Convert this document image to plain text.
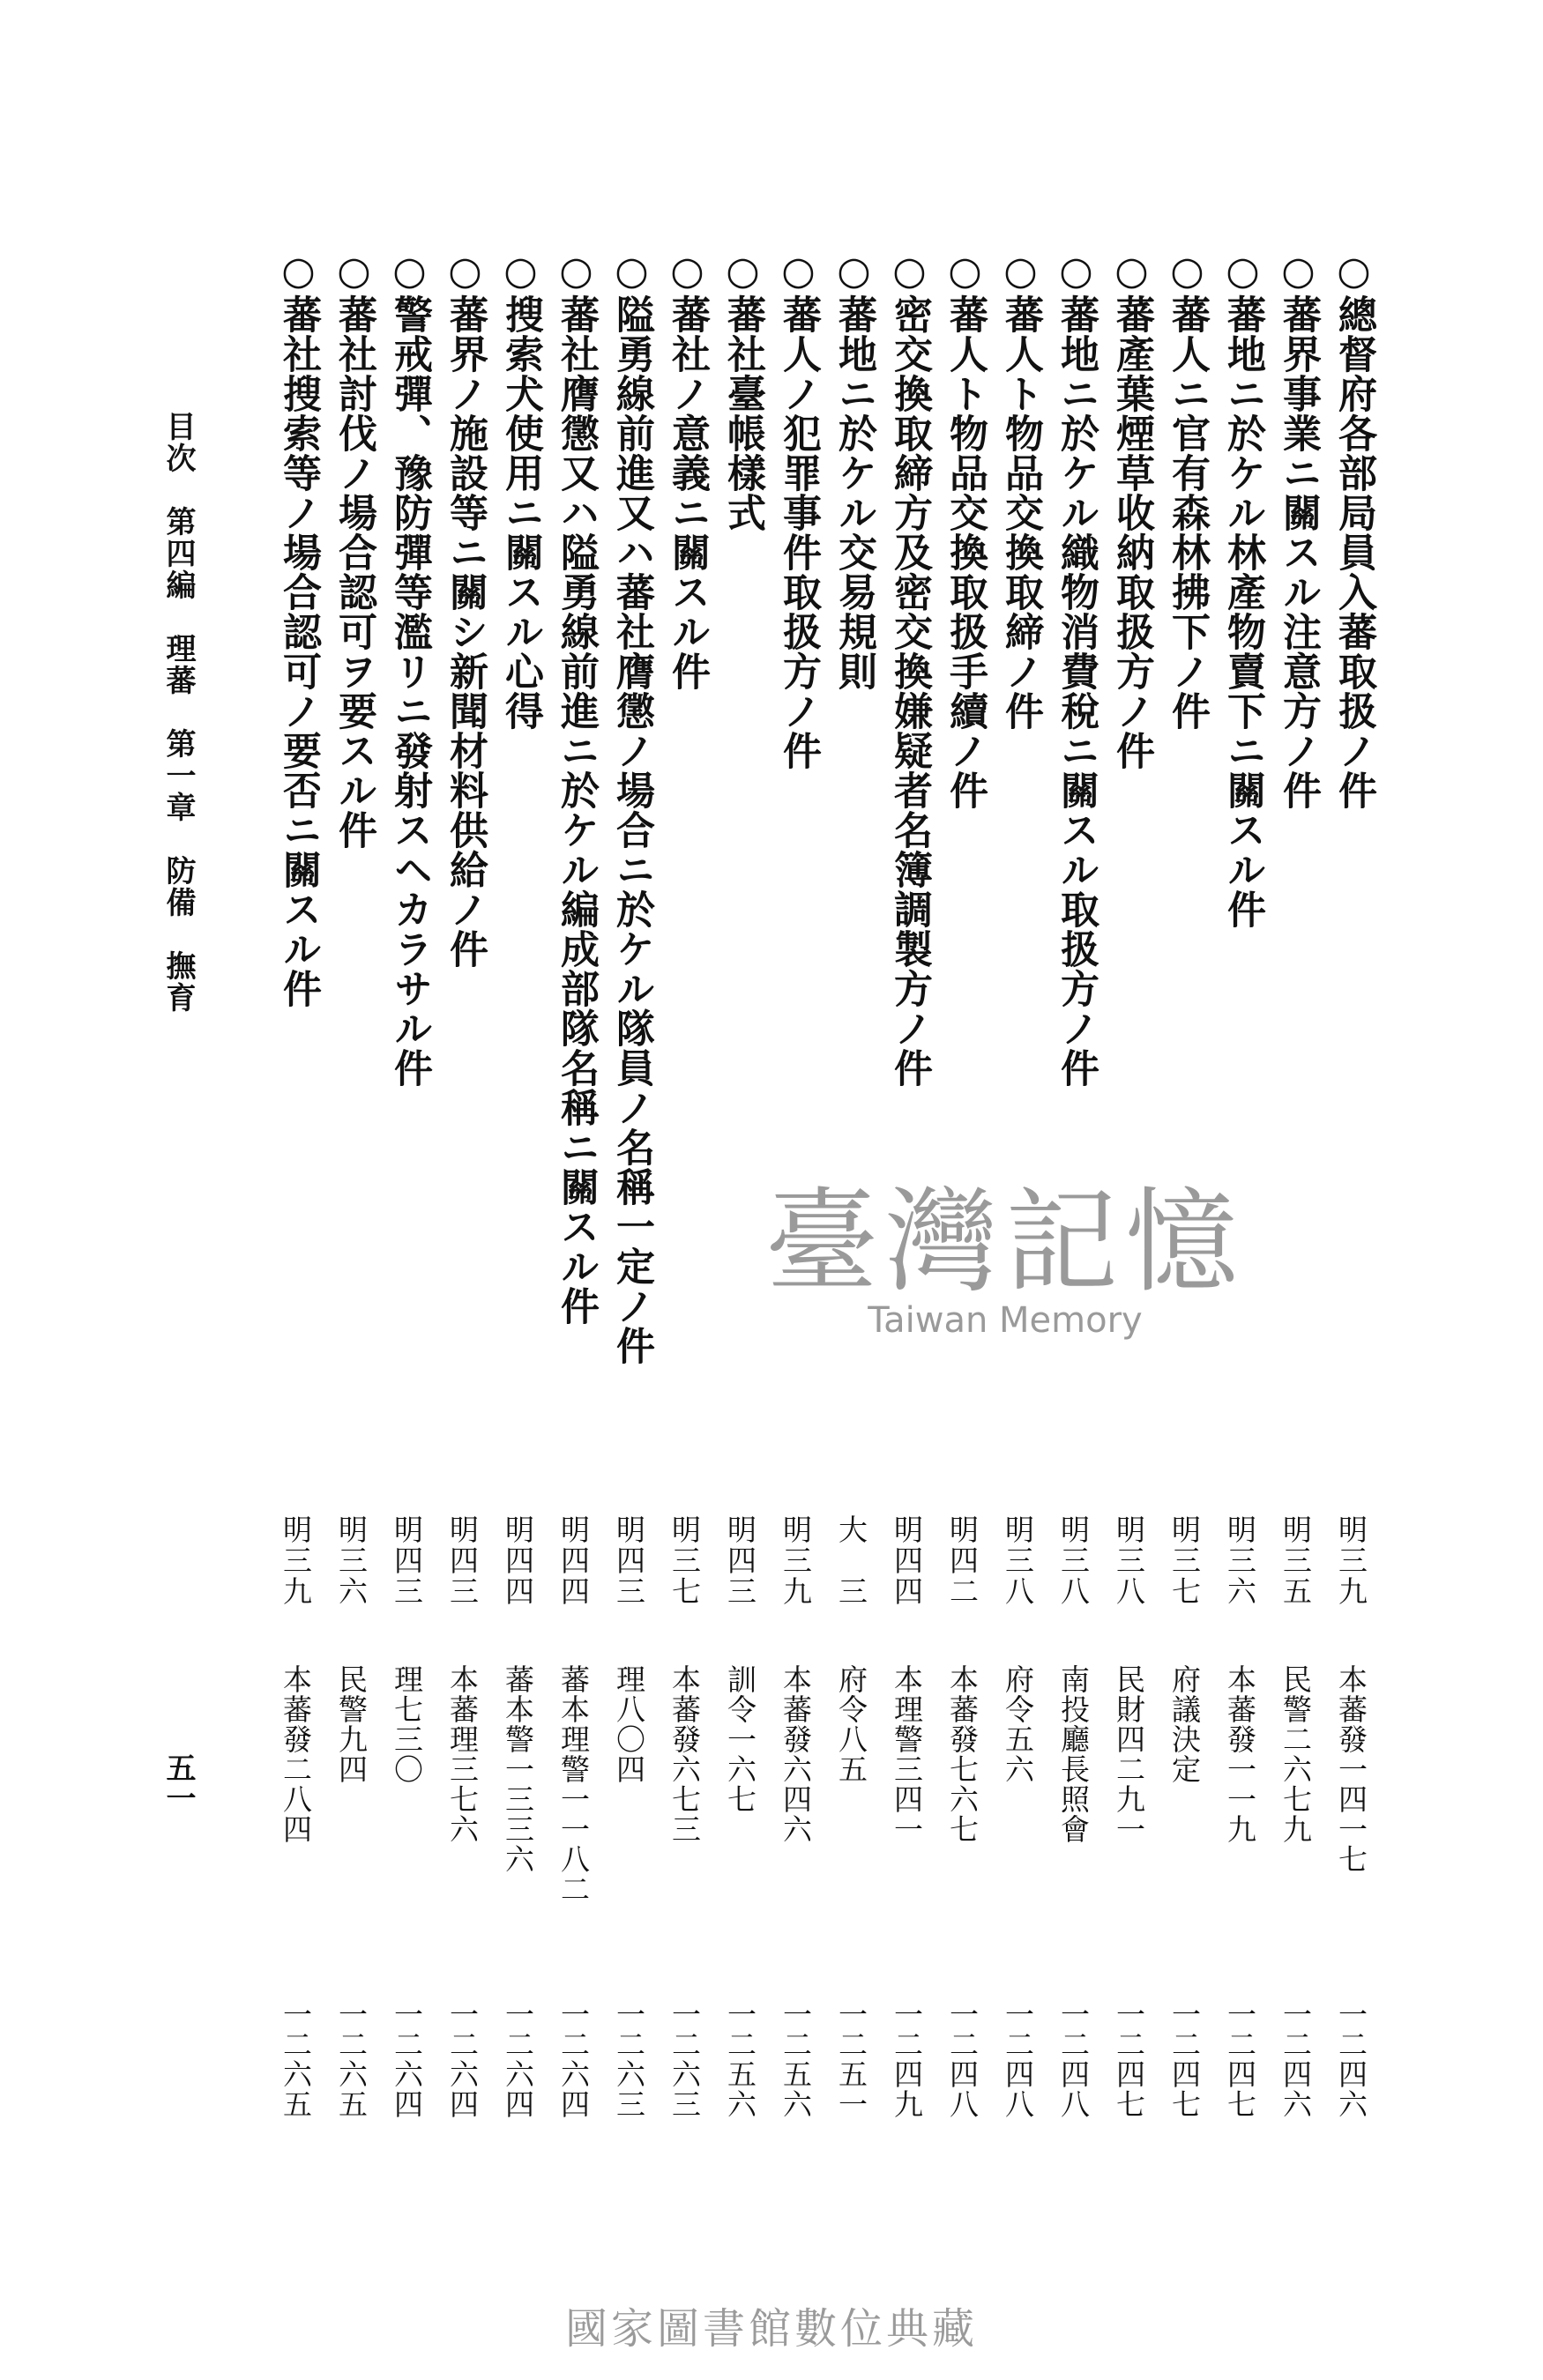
目次　第四編　理蕃　第一章　防備　撫育
五一
○總督府各部局員入蕃取扱ノ件
○蕃界事業ニ關スル注意方ノ件
○蕃地ニ於ケル林產物賣下ニ關スル件
○蕃人ニ官有森林拂下ノ件
○蕃產葉煙草收納取扱方ノ件
○蕃地ニ於ケル織物消費稅ニ關スル取扱方ノ件
○蕃人ト物品交換取締ノ件
○蕃人ト物品交換取扱手續ノ件
○密交換取締方及密交換嫌疑者名簿調製方ノ件
○蕃地ニ於ケル交易規則
○蕃人ノ犯罪事件取扱方ノ件
○蕃社臺帳樣式
○蕃社ノ意義ニ關スル件
○隘勇線前進又ハ蕃社膺懲ノ場合ニ於ケル隊員ノ名稱一定ノ件
○蕃社膺懲又ハ隘勇線前進ニ於ケル編成部隊名稱ニ關スル件
○搜索犬使用ニ關スル心得
○蕃界ノ施設等ニ關シ新聞材料供給ノ件
○警戒彈、豫防彈等濫リニ發射スヘカラサル件
○蕃社討伐ノ場合認可ヲ要スル件
○蕃社搜索等ノ場合認可ノ要否ニ關スル件
明三九
本蕃發一四一七
一二四六
明三五
民警二六七九
一二四六
明三六
本蕃發一一九
一二四七
明三七
府議決定
一二四七
明三八
民財四二九一
一二四七
明三八
南投廳長照會
一二四八
明三八
府令五六
一二四八
明四二
本蕃發七六七
一二四八
明四四
本理警三四一
一二四九
大　三
府令八五
一二五一
明三九
本蕃發六四六
一二五六
明四三
訓令一六七
一二五六
明三七
本蕃發六七三
一二六三
明四三
理八〇四
一二六三
明四四
蕃本理警一一八二
一二六四
明四四
蕃本警一三三六
一二六四
明四三
本蕃理三七六
一二六四
明四三
理七三〇
一二六四
明三六
民警九四
一二六五
明三九
本蕃發二八四
一二六五
臺灣記憶
Taiwan Memory
國家圖書館數位典藏
